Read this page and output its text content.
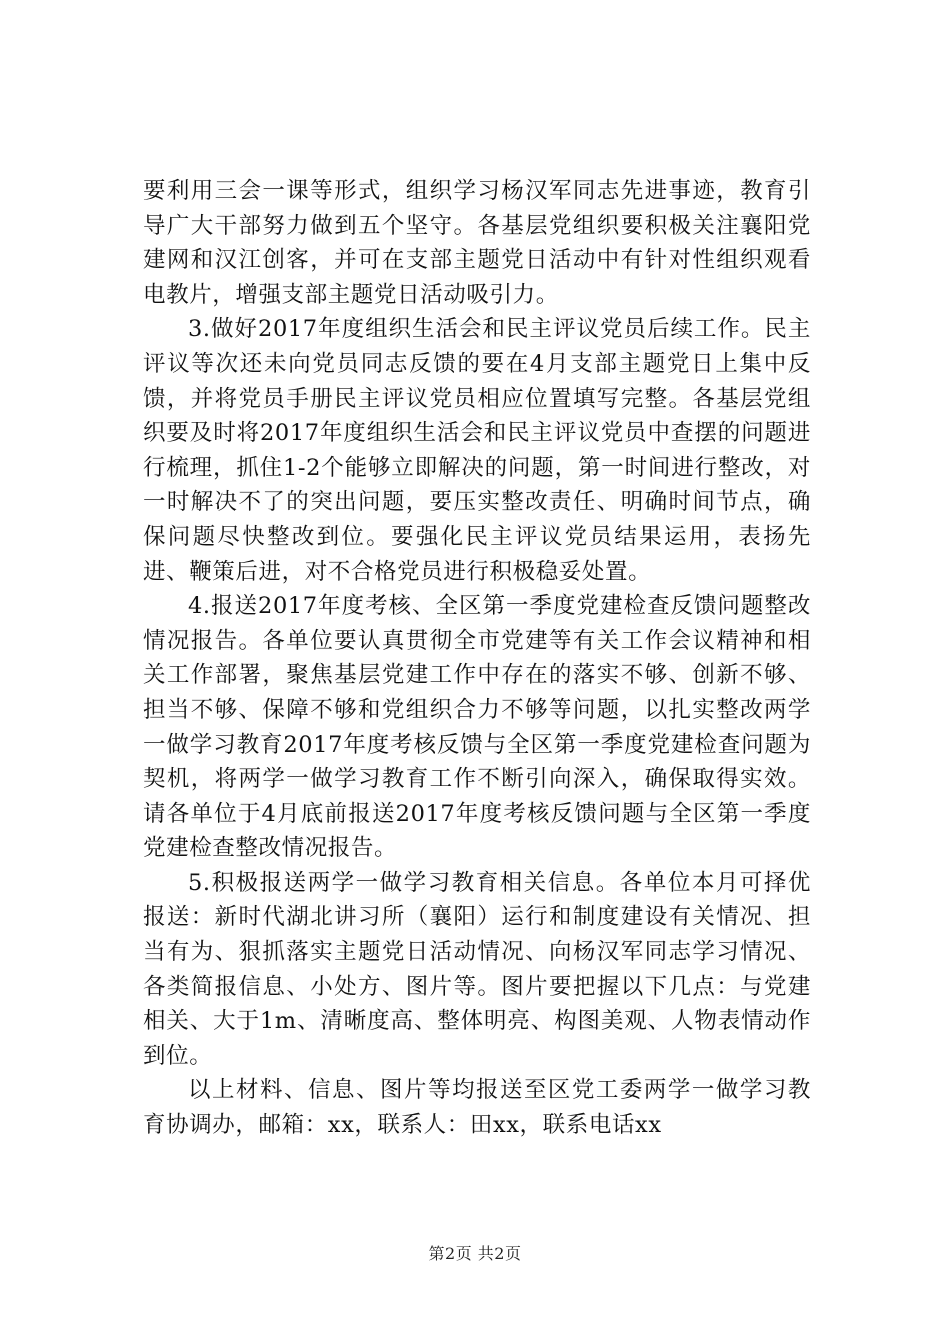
要利用三会一课等形式，组织学习杨汉军同志先进事迹，教育引导广大干部努力做到五个坚守。各基层党组织要积极关注襄阳党建网和汉江创客，并可在支部主题党日活动中有针对性组织观看电教片，增强支部主题党日活动吸引力。

3.做好2017年度组织生活会和民主评议党员后续工作。民主评议等次还未向党员同志反馈的要在4月支部主题党日上集中反馈，并将党员手册民主评议党员相应位置填写完整。各基层党组织要及时将2017年度组织生活会和民主评议党员中查摆的问题进行梳理，抓住1-2个能够立即解决的问题，第一时间进行整改，对一时解决不了的突出问题，要压实整改责任、明确时间节点，确保问题尽快整改到位。要强化民主评议党员结果运用，表扬先进、鞭策后进，对不合格党员进行积极稳妥处置。

4.报送2017年度考核、全区第一季度党建检查反馈问题整改情况报告。各单位要认真贯彻全市党建等有关工作会议精神和相关工作部署，聚焦基层党建工作中存在的落实不够、创新不够、担当不够、保障不够和党组织合力不够等问题，以扎实整改两学一做学习教育2017年度考核反馈与全区第一季度党建检查问题为契机，将两学一做学习教育工作不断引向深入，确保取得实效。请各单位于4月底前报送2017年度考核反馈问题与全区第一季度党建检查整改情况报告。

5.积极报送两学一做学习教育相关信息。各单位本月可择优报送：新时代湖北讲习所（襄阳）运行和制度建设有关情况、担当有为、狠抓落实主题党日活动情况、向杨汉军同志学习情况、各类简报信息、小处方、图片等。图片要把握以下几点：与党建相关、大于1m、清晰度高、整体明亮、构图美观、人物表情动作到位。

以上材料、信息、图片等均报送至区党工委两学一做学习教育协调办，邮箱：xx，联系人：田xx，联系电话xx

第2页 共2页
